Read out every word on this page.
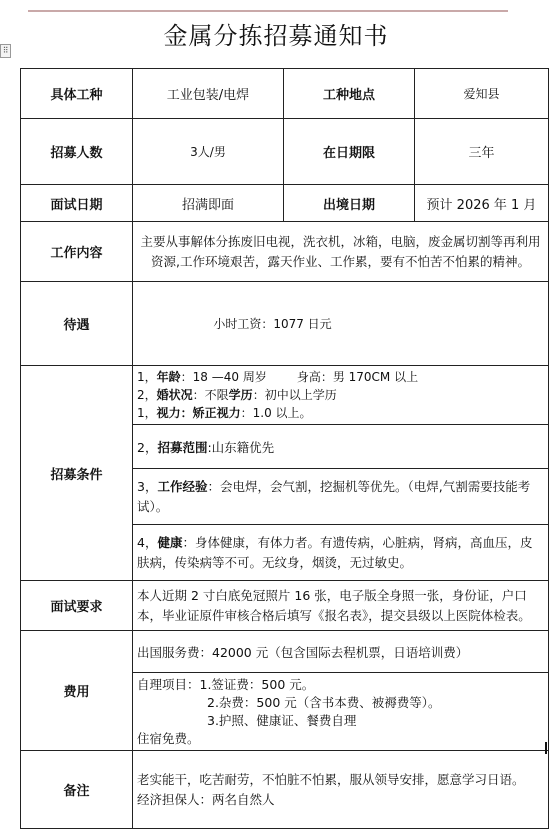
⠿
金属分拣招募通知书
具体工种	工业包装/电焊	工种地点	爱知县
招募人数	3人/男	在日期限	三年
面试日期	招满即面	出境日期	预计 2026 年 1 月
工作内容	主要从事解体分拣废旧电视，洗衣机，冰箱，电脑，废金属切割等再利用资源,工作环境艰苦，露天作业、工作累，要有不怕苦不怕累的精神。		
待遇	小时工资：1077 日元		
招募条件	1，年龄：18 —40 周岁 身高：男 170CM 以上
2，婚状况：不限学历：初中以上学历
1，视力：矫正视力：1.0 以上。		

	2，招募范围:山东籍优先		
	3，工作经验：会电焊，会气割，挖掘机等优先。（电焊,气割需要技能考试）。		
	4，健康：身体健康，有体力者。有遗传病，心脏病，肾病，高血压，皮肤病，传染病等不可。无纹身，烟烫，无过敏史。		
面试要求	本人近期 2 寸白底免冠照片 16 张，电子版全身照一张，身份证，户口本，毕业证原件审核合格后填写《报名表》，提交县级以上医院体检表。		
费用	出国服务费：42000 元（包含国际去程机票，日语培训费）		

	自理项目：1.签证费：500 元。
2.杂费：500 元（含书本费、被褥费等）。
3.护照、健康证、餐费自理
住宿免费。		

备注	老实能干，吃苦耐劳，不怕脏不怕累，服从领导安排，愿意学习日语。
经济担保人：两名自然人		
